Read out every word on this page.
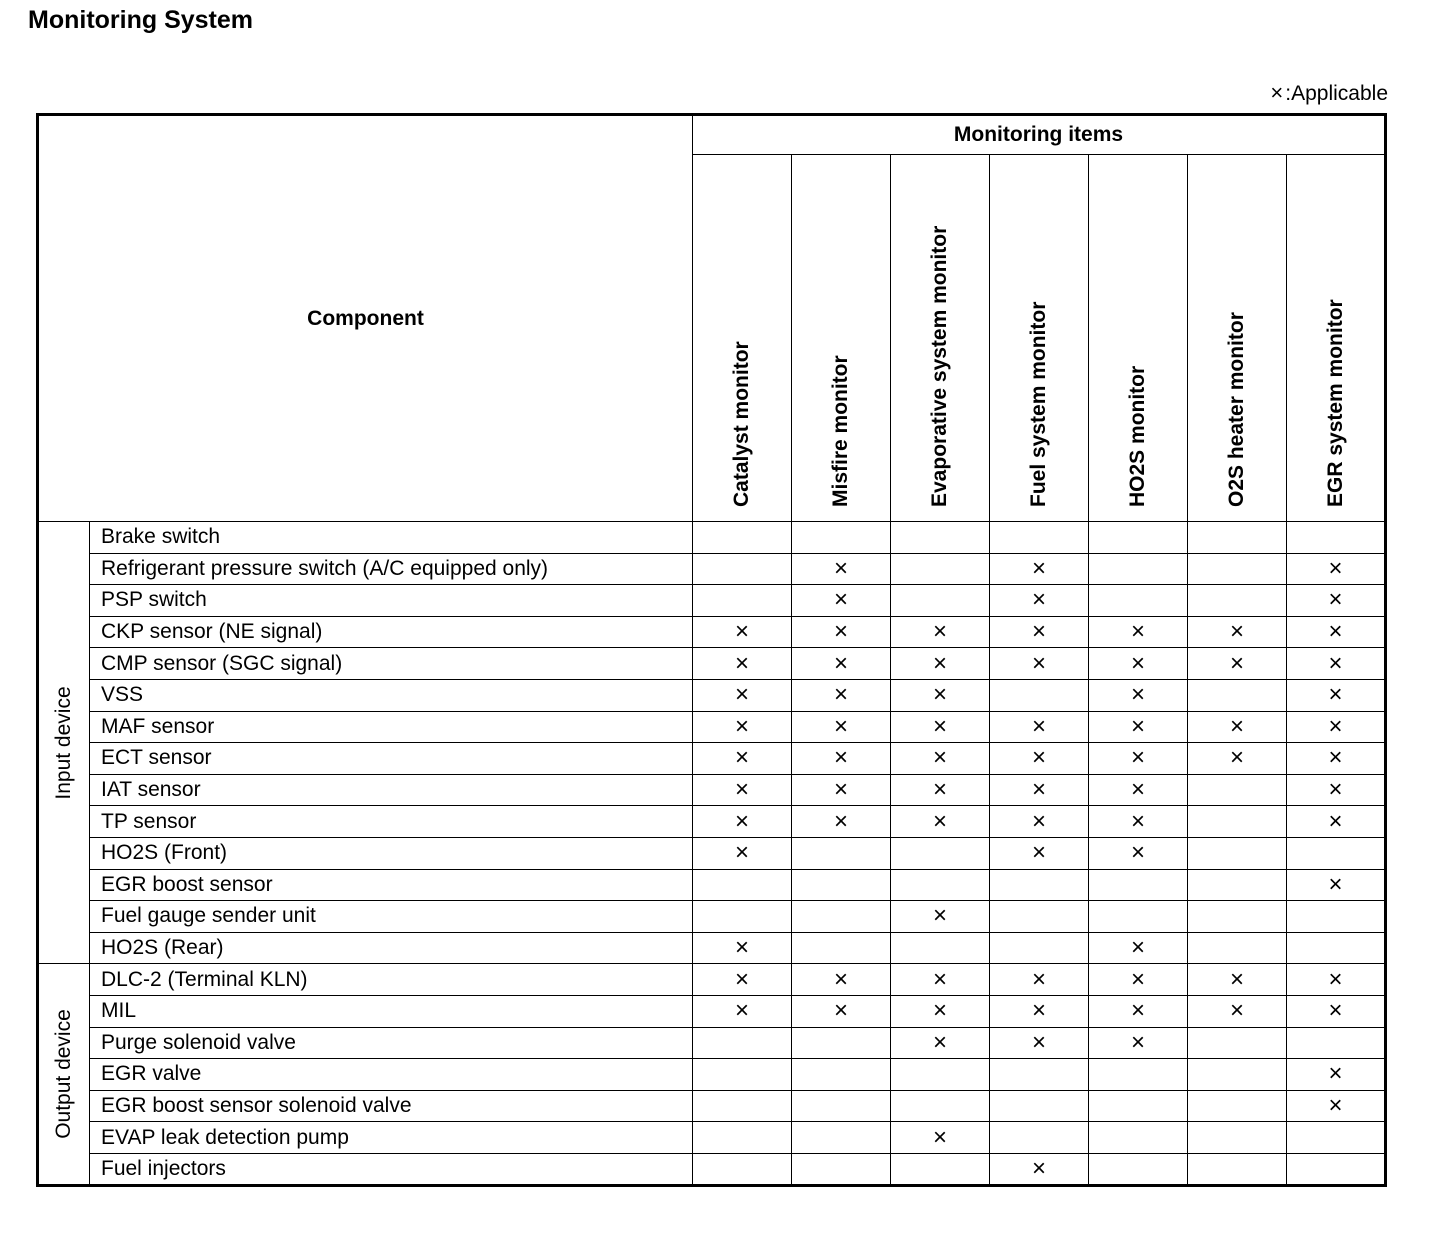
Monitoring System
×:Applicable
Component		Monitoring items						

		Catalyst monitor	Misfire monitor	Evaporative system monitor	Fuel system monitor	HO2S monitor	O2S heater monitor	EGR system monitor

Input device	Brake switch							
	Refrigerant pressure switch (A/C equipped only)		×		×			×
	PSP switch		×		×			×
	CKP sensor (NE signal)	×	×	×	×	×	×	×
	CMP sensor (SGC signal)	×	×	×	×	×	×	×
	VSS	×	×	×		×		×
	MAF sensor	×	×	×	×	×	×	×
	ECT sensor	×	×	×	×	×	×	×
	IAT sensor	×	×	×	×	×		×
	TP sensor	×	×	×	×	×		×
	HO2S (Front)	×			×	×		
	EGR boost sensor							×
	Fuel gauge sender unit			×				
	HO2S (Rear)	×				×		

Output device	DLC-2 (Terminal KLN)	×	×	×	×	×	×	×
	MIL	×	×	×	×	×	×	×
	Purge solenoid valve			×	×	×		
	EGR valve							×
	EGR boost sensor solenoid valve							×
	EVAP leak detection pump			×				
	Fuel injectors				×			
